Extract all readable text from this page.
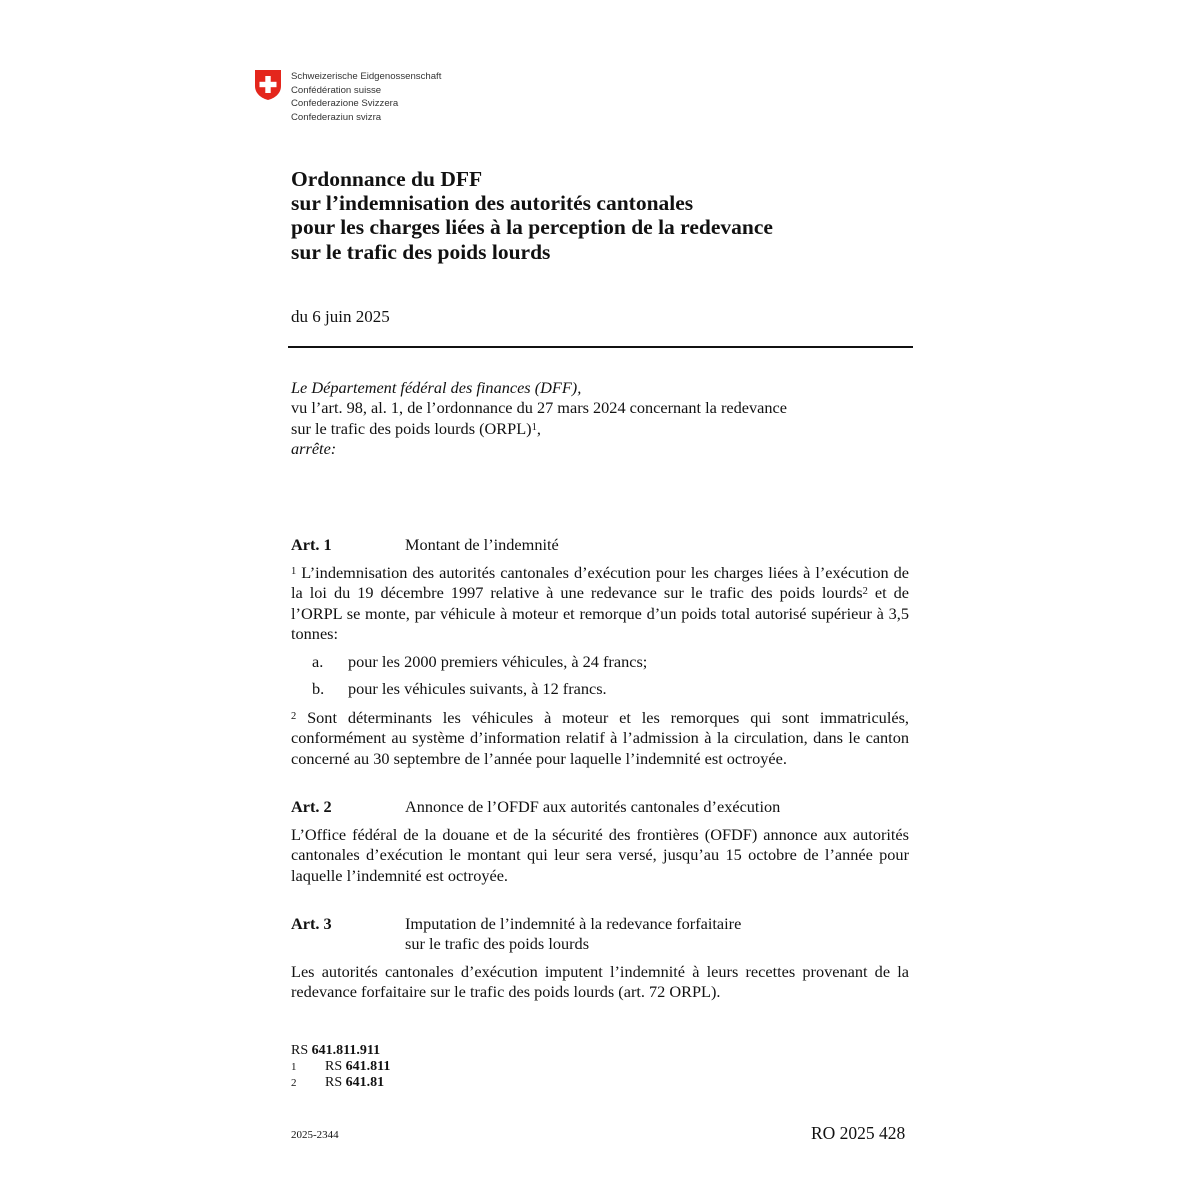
Schweizerische Eidgenossenschaft
Confédération suisse
Confederazione Svizzera
Confederaziun svizra
Ordonnance du DFF
sur l’indemnisation des autorités cantonales
pour les charges liées à la perception de la redevance
sur le trafic des poids lourds
du 6 juin 2025
Le Département fédéral des finances (DFF),
vu l’art. 98, al. 1, de l’ordonnance du 27 mars 2024 concernant la redevance
sur le trafic des poids lourds (ORPL)$^1$,
arrête:
Art. 1	Montant de l’indemnité
$^1$ L’indemnisation des autorités cantonales d’exécution pour les charges liées à l’exécution de la loi du 19 décembre 1997 relative à une redevance sur le trafic des poids lourds$^2$ et de l’ORPL se monte, par véhicule à moteur et remorque d’un poids total autorisé supérieur à 3,5 tonnes:
a. pour les 2000 premiers véhicules, à 24 francs;
b. pour les véhicules suivants, à 12 francs.
$^2$ Sont déterminants les véhicules à moteur et les remorques qui sont immatriculés, conformément au système d’information relatif à l’admission à la circulation, dans le canton concerné au 30 septembre de l’année pour laquelle l’indemnité est octroyée.
Art. 2	Annonce de l’OFDF aux autorités cantonales d’exécution
L’Office fédéral de la douane et de la sécurité des frontières (OFDF) annonce aux autorités cantonales d’exécution le montant qui leur sera versé, jusqu’au 15 octobre de l’année pour laquelle l’indemnité est octroyée.
Art. 3	Imputation de l’indemnité à la redevance forfaitaire
sur le trafic des poids lourds
Les autorités cantonales d’exécution imputent l’indemnité à leurs recettes provenant de la redevance forfaitaire sur le trafic des poids lourds (art. 72 ORPL).
RS 641.811.911
1 RS 641.811
2 RS 641.81
2025-2344	RO 2025 428
